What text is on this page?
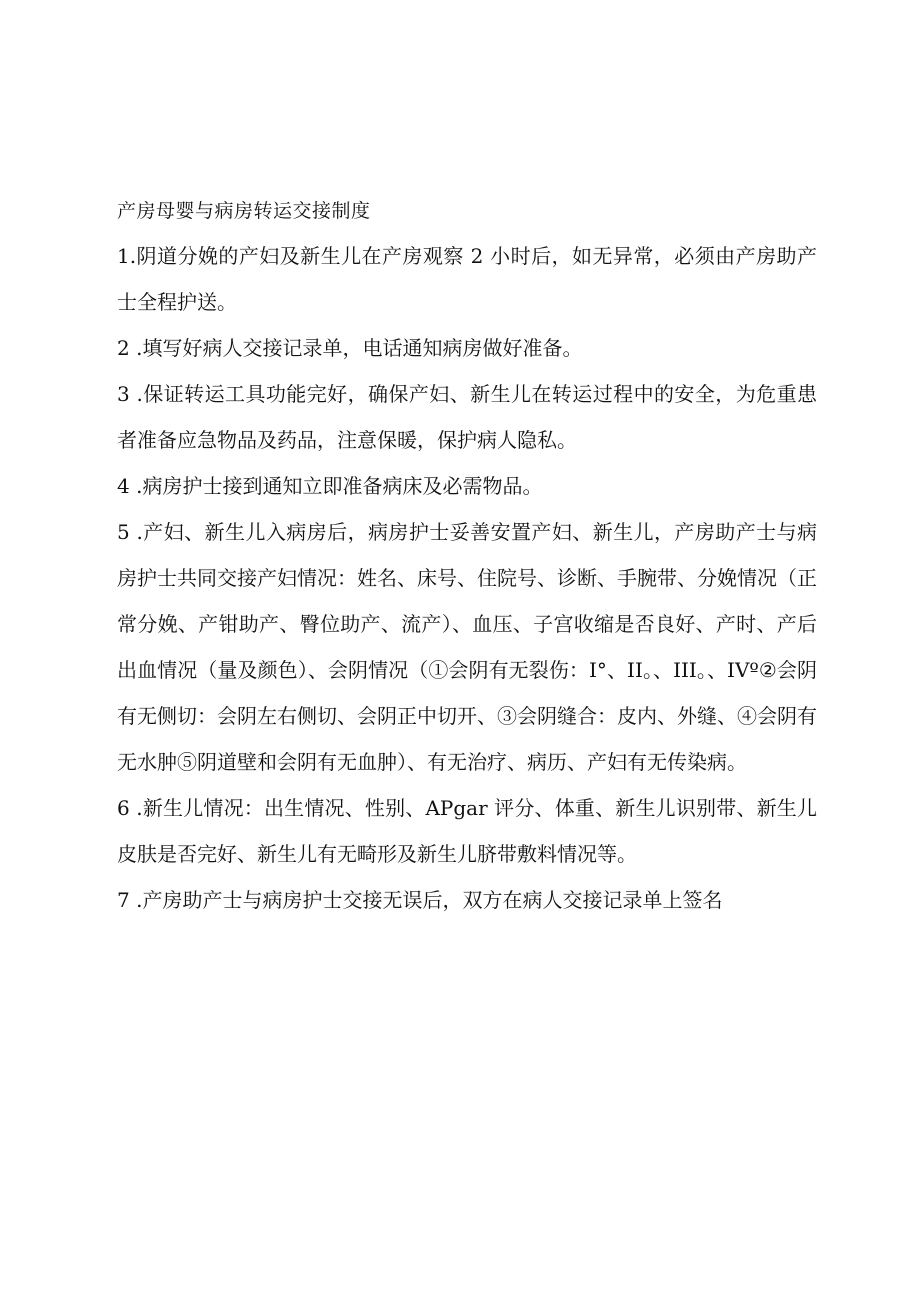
产房母婴与病房转运交接制度

1.阴道分娩的产妇及新生儿在产房观察 2 小时后，如无异常，必须由产房助产士全程护送。

2 .填写好病人交接记录单，电话通知病房做好准备。

3 .保证转运工具功能完好，确保产妇、新生儿在转运过程中的安全，为危重患者准备应急物品及药品，注意保暖，保护病人隐私。

4 .病房护士接到通知立即准备病床及必需物品。

5 .产妇、新生儿入病房后，病房护士妥善安置产妇、新生儿，产房助产士与病房护士共同交接产妇情况：姓名、床号、住院号、诊断、手腕带、分娩情况（正常分娩、产钳助产、臀位助产、流产）、血压、子宫收缩是否良好、产时、产后出血情况（量及颜色）、会阴情况（①会阴有无裂伤：I°、II。、III。、IVº②会阴有无侧切：会阴左右侧切、会阴正中切开、③会阴缝合：皮内、外缝、④会阴有无水肿⑤阴道壁和会阴有无血肿）、有无治疗、病历、产妇有无传染病。

6 .新生儿情况：出生情况、性别、APgar 评分、体重、新生儿识别带、新生儿皮肤是否完好、新生儿有无畸形及新生儿脐带敷料情况等。

7 .产房助产士与病房护士交接无误后，双方在病人交接记录单上签名
